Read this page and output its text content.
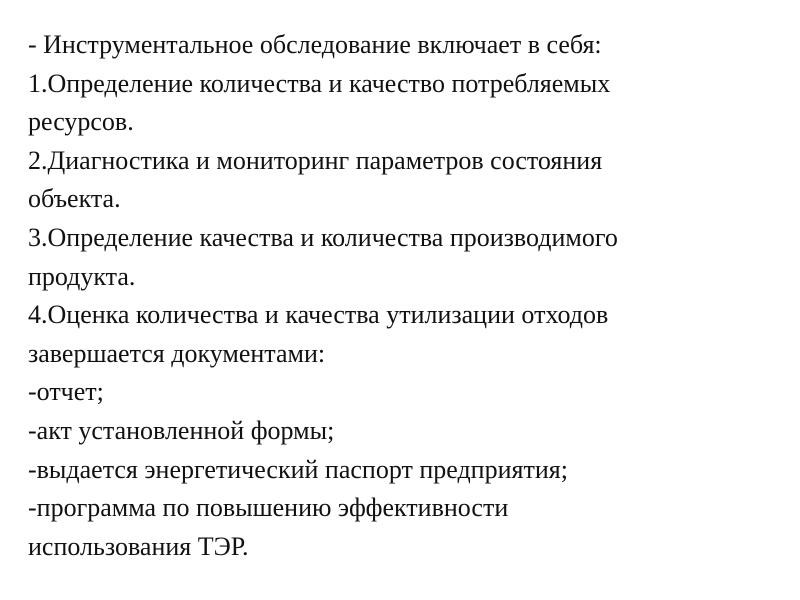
- Инструментальное обследование включает в себя:
1.Определение количества и качество потребляемых
ресурсов.
2.Диагностика и мониторинг параметров состояния
объекта.
3.Определение качества и количества производимого
продукта.
4.Оценка количества и качества утилизации отходов
завершается документами:
-отчет;
-акт установленной формы;
-выдается энергетический паспорт предприятия;
-программа по повышению эффективности
использования ТЭР.
